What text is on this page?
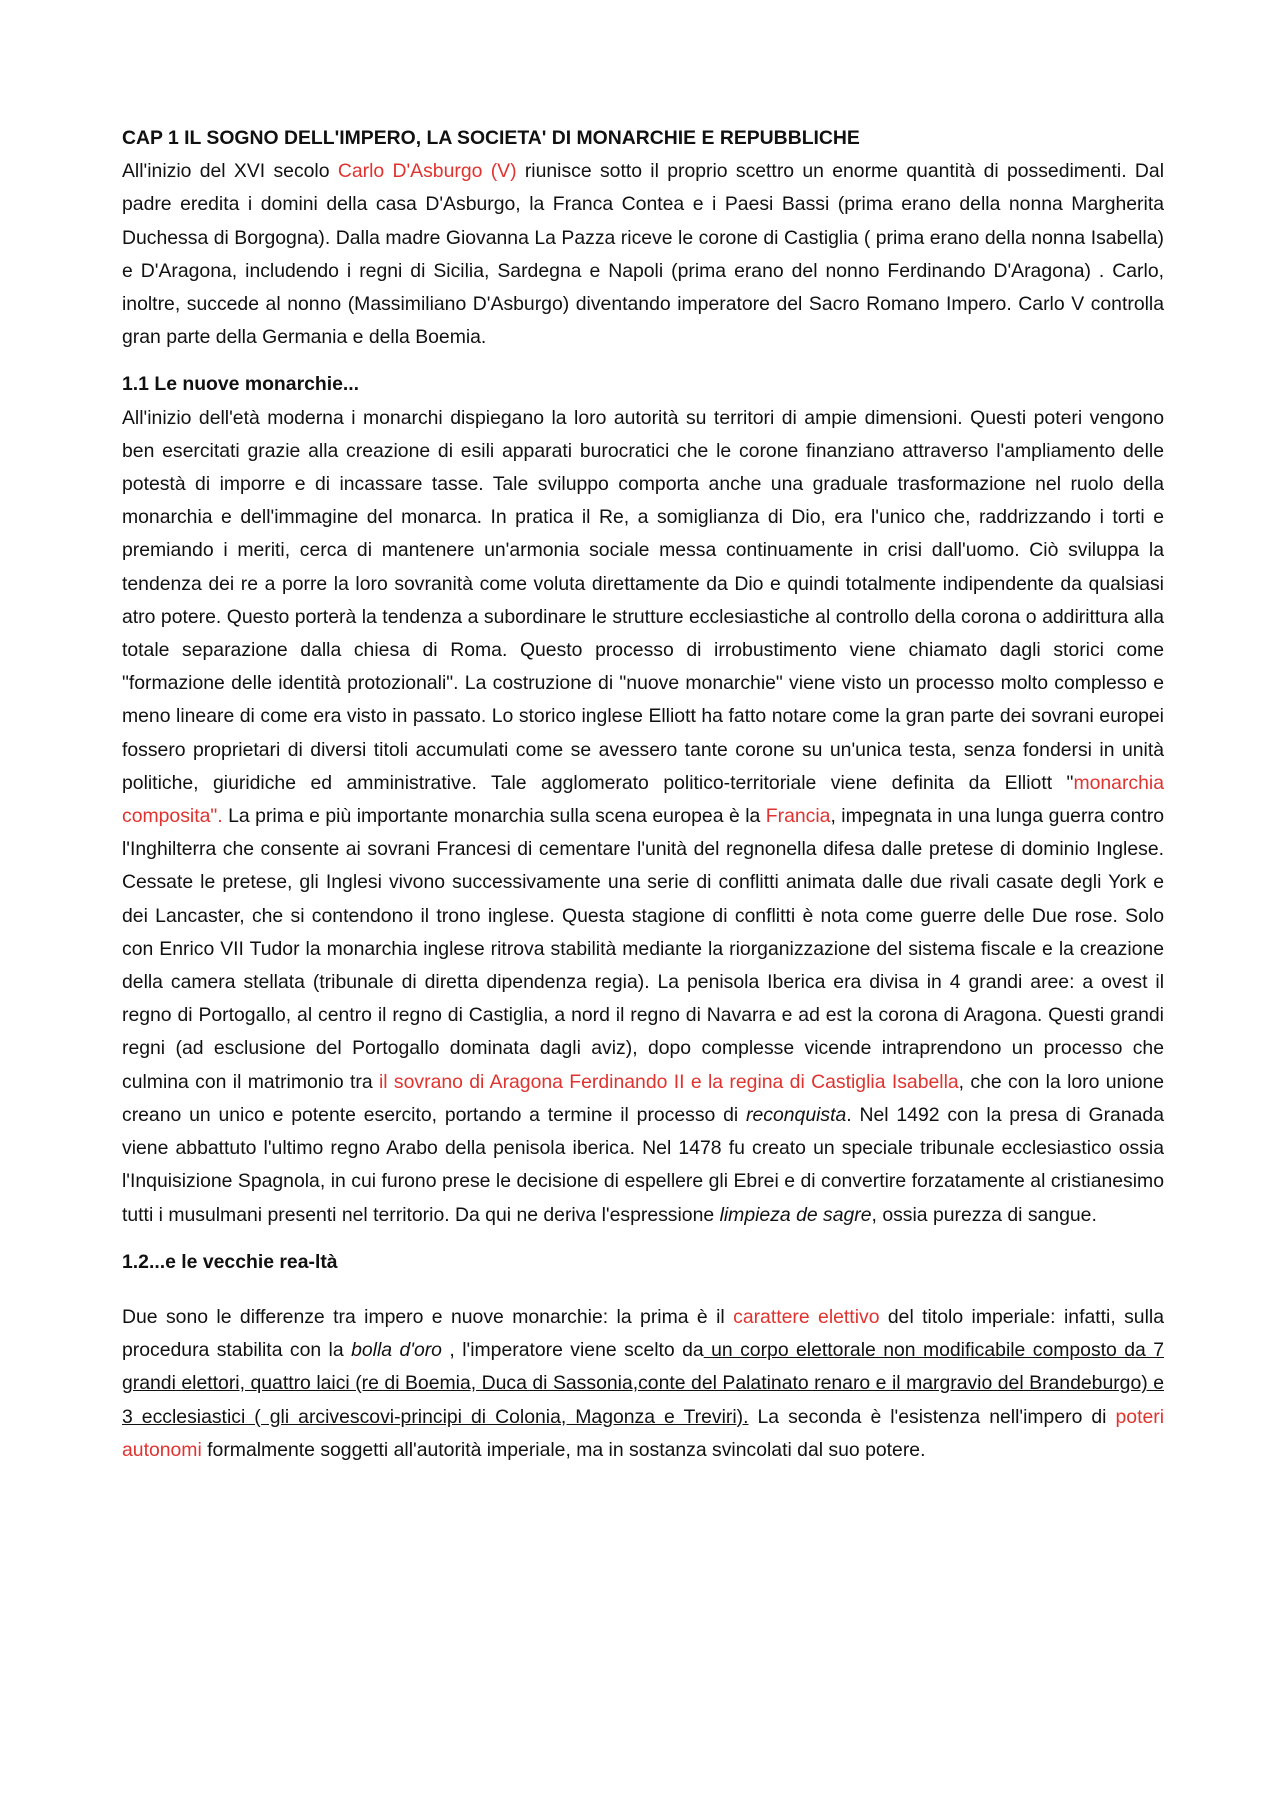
CAP 1 IL SOGNO DELL'IMPERO, LA SOCIETA' DI MONARCHIE E REPUBBLICHE

All'inizio del XVI secolo Carlo D'Asburgo (V) riunisce sotto il proprio scettro un enorme quantità di possedimenti. Dal padre eredita i domini della casa D'Asburgo, la Franca Contea e i Paesi Bassi (prima erano della nonna Margherita Duchessa di Borgogna). Dalla madre Giovanna La Pazza riceve le corone di Castiglia ( prima erano della nonna Isabella) e D'Aragona, includendo i regni di Sicilia, Sardegna e Napoli (prima erano del nonno Ferdinando D'Aragona) . Carlo, inoltre, succede al nonno (Massimiliano D'Asburgo) diventando imperatore del Sacro Romano Impero. Carlo V controlla gran parte della Germania e della Boemia.

1.1 Le nuove monarchie...

All'inizio dell'età moderna i monarchi dispiegano la loro autorità su territori di ampie dimensioni. Questi poteri vengono ben esercitati grazie alla creazione di esili apparati burocratici che le corone finanziano attraverso l'ampliamento delle potestà di imporre e di incassare tasse. Tale sviluppo comporta anche una graduale trasformazione nel ruolo della monarchia e dell'immagine del monarca. In pratica il Re, a somiglianza di Dio, era l'unico che, raddrizzando i torti e premiando i meriti, cerca di mantenere un'armonia sociale messa continuamente in crisi dall'uomo. Ciò sviluppa la tendenza dei re a porre la loro sovranità come voluta direttamente da Dio e quindi totalmente indipendente da qualsiasi atro potere. Questo porterà la tendenza a subordinare le strutture ecclesiastiche al controllo della corona o addirittura alla totale separazione dalla chiesa di Roma. Questo processo di irrobustimento viene chiamato dagli storici come "formazione delle identità protozionali". La costruzione di "nuove monarchie" viene visto un processo molto complesso e meno lineare di come era visto in passato. Lo storico inglese Elliott ha fatto notare come la gran parte dei sovrani europei fossero proprietari di diversi titoli accumulati come se avessero tante corone su un'unica testa, senza fondersi in unità politiche, giuridiche ed amministrative. Tale agglomerato politico-territoriale viene definita da Elliott "monarchia composita". La prima e più importante monarchia sulla scena europea è la Francia, impegnata in una lunga guerra contro l'Inghilterra che consente ai sovrani Francesi di cementare l'unità del regnonella difesa dalle pretese di dominio Inglese. Cessate le pretese, gli Inglesi vivono successivamente una serie di conflitti animata dalle due rivali casate degli York e dei Lancaster, che si contendono il trono inglese. Questa stagione di conflitti è nota come guerre delle Due rose. Solo con Enrico VII Tudor la monarchia inglese ritrova stabilità mediante la riorganizzazione del sistema fiscale e la creazione della camera stellata (tribunale di diretta dipendenza regia). La penisola Iberica era divisa in 4 grandi aree: a ovest il regno di Portogallo, al centro il regno di Castiglia, a nord il regno di Navarra e ad est la corona di Aragona. Questi grandi regni (ad esclusione del Portogallo dominata dagli aviz), dopo complesse vicende intraprendono un processo che culmina con il matrimonio tra il sovrano di Aragona Ferdinando II e la regina di Castiglia Isabella, che con la loro unione creano un unico e potente esercito, portando a termine il processo di reconquista. Nel 1492 con la presa di Granada viene abbattuto l'ultimo regno Arabo della penisola iberica. Nel 1478 fu creato un speciale tribunale ecclesiastico ossia l'Inquisizione Spagnola, in cui furono prese le decisione di espellere gli Ebrei e di convertire forzatamente al cristianesimo tutti i musulmani presenti nel territorio. Da qui ne deriva l'espressione limpieza de sagre, ossia purezza di sangue.

1.2...e le vecchie rea-ltà

Due sono le differenze tra impero e nuove monarchie: la prima è il carattere elettivo del titolo imperiale: infatti, sulla procedura stabilita con la bolla d'oro , l'imperatore viene scelto da un corpo elettorale non modificabile composto da 7 grandi elettori, quattro laici (re di Boemia, Duca di Sassonia,conte del Palatinato renaro e il margravio del Brandeburgo) e 3 ecclesiastici ( gli arcivescovi-principi di Colonia, Magonza e Treviri). La seconda è l'esistenza nell'impero di poteri autonomi formalmente soggetti all'autorità imperiale, ma in sostanza svincolati dal suo potere.
